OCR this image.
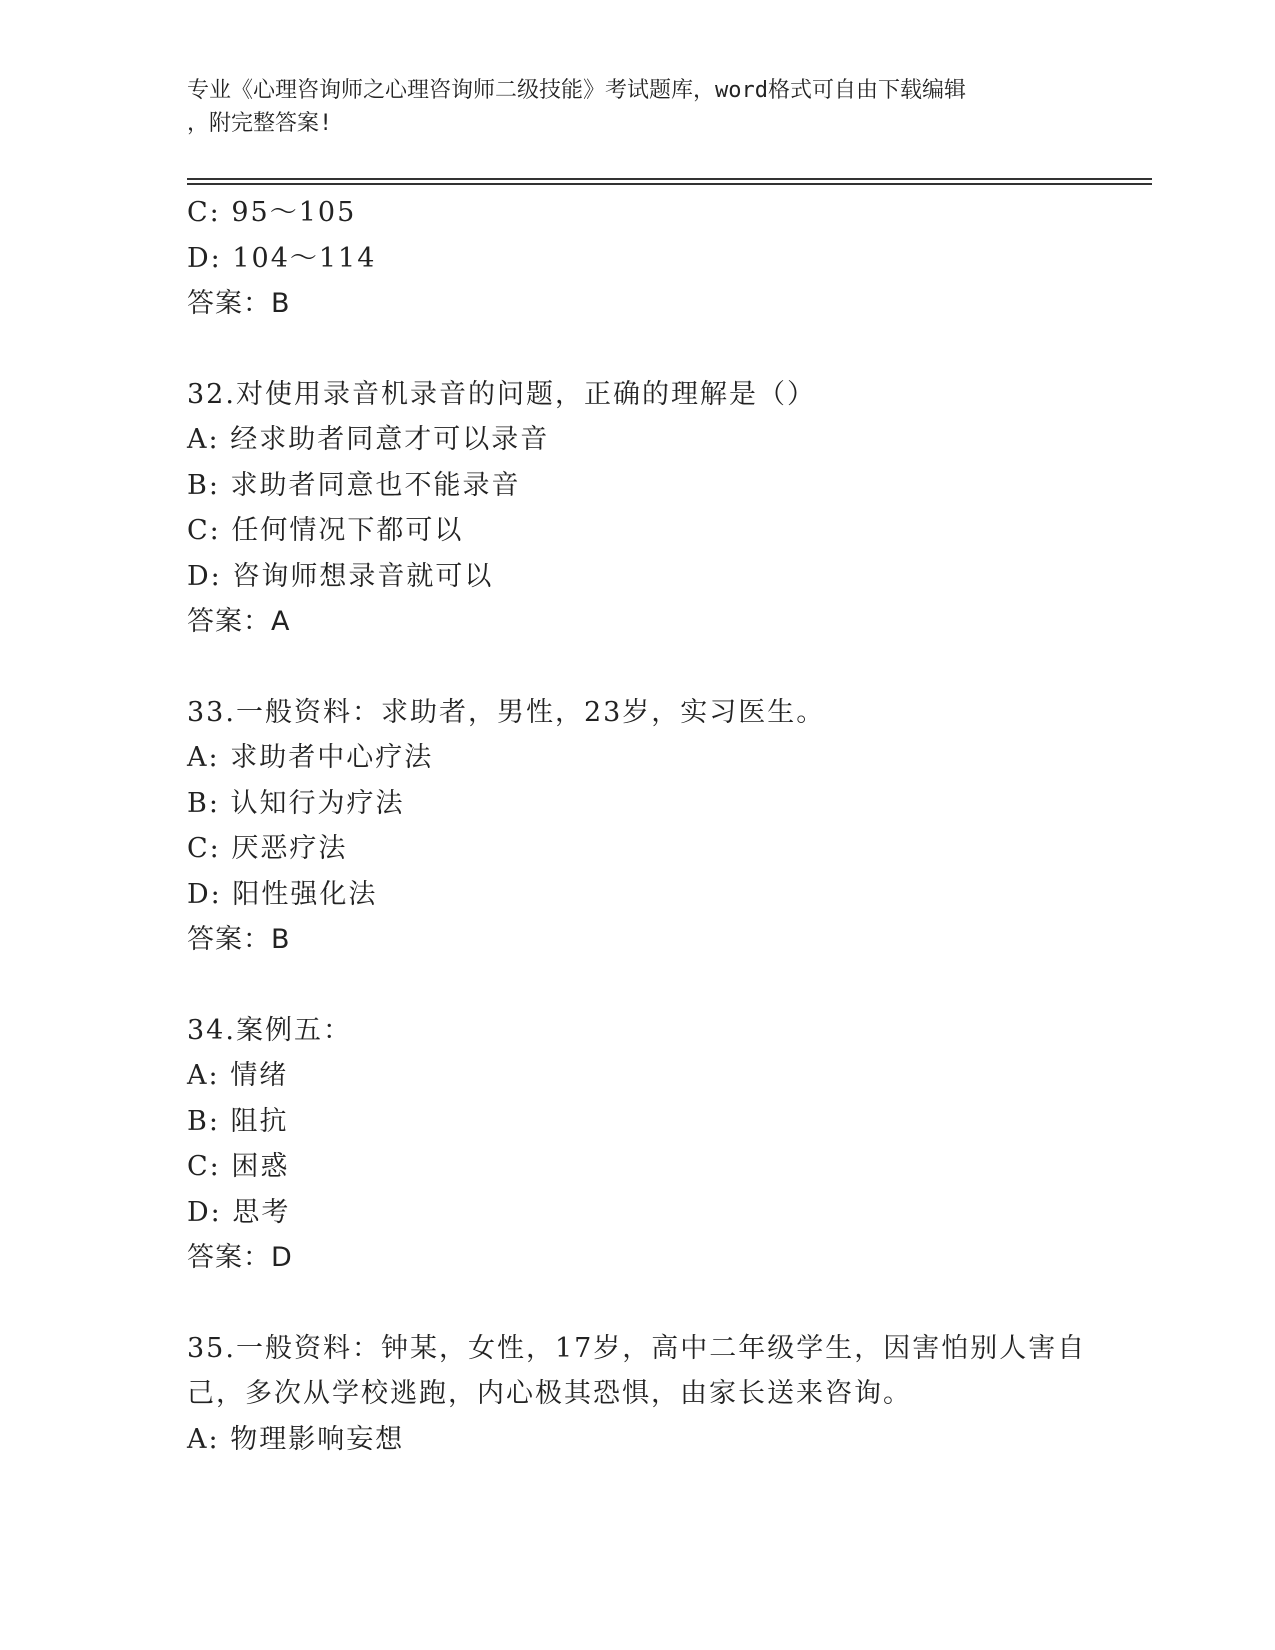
专业《心理咨询师之心理咨询师二级技能》考试题库，word格式可自由下载编辑
，附完整答案!
C: 95～105
D: 104～114
答案：B
32.对使用录音机录音的问题，正确的理解是（）
A: 经求助者同意才可以录音
B: 求助者同意也不能录音
C: 任何情况下都可以
D: 咨询师想录音就可以
答案：A
33.一般资料：求助者，男性，23岁，实习医生。
A: 求助者中心疗法
B: 认知行为疗法
C: 厌恶疗法
D: 阳性强化法
答案：B
34.案例五：
A: 情绪
B: 阻抗
C: 困惑
D: 思考
答案：D
35.一般资料：钟某，女性，17岁，高中二年级学生，因害怕别人害自
己，多次从学校逃跑，内心极其恐惧，由家长送来咨询。
A: 物理影响妄想
